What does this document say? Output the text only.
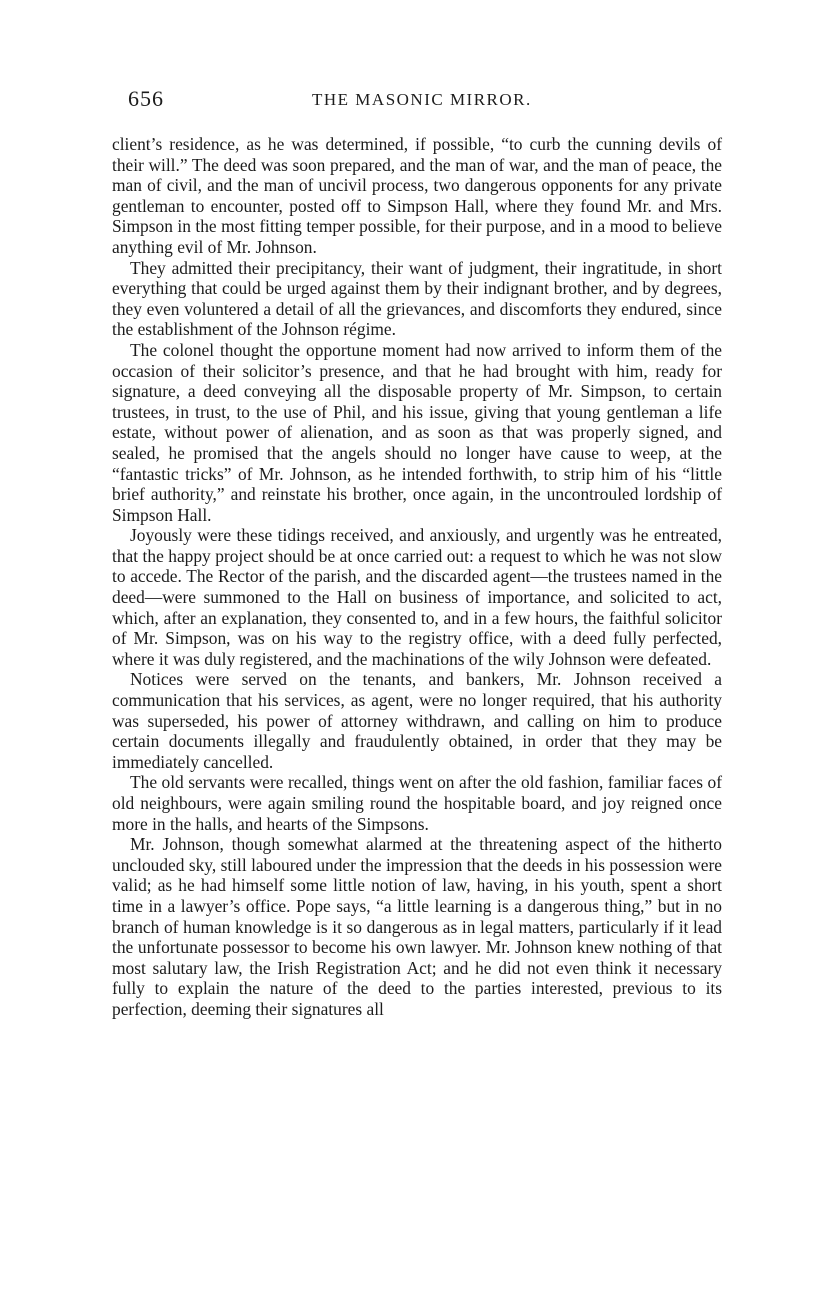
656	THE MASONIC MIRROR.

client’s residence, as he was determined, if possible, “to curb the cunning devils of their will.” The deed was soon prepared, and the man of war, and the man of peace, the man of civil, and the man of uncivil process, two dangerous opponents for any private gentleman to encounter, posted off to Simpson Hall, where they found Mr. and Mrs. Simpson in the most fitting temper possible, for their purpose, and in a mood to believe anything evil of Mr. Johnson.

They admitted their precipitancy, their want of judgment, their ingratitude, in short everything that could be urged against them by their indignant brother, and by degrees, they even voluntered a detail of all the grievances, and discomforts they endured, since the establishment of the Johnson régime.

The colonel thought the opportune moment had now arrived to inform them of the occasion of their solicitor’s presence, and that he had brought with him, ready for signature, a deed conveying all the disposable property of Mr. Simpson, to certain trustees, in trust, to the use of Phil, and his issue, giving that young gentleman a life estate, without power of alienation, and as soon as that was properly signed, and sealed, he promised that the angels should no longer have cause to weep, at the “fantastic tricks” of Mr. Johnson, as he intended forthwith, to strip him of his “little brief authority,” and reinstate his brother, once again, in the uncontrouled lordship of Simpson Hall.

Joyously were these tidings received, and anxiously, and urgently was he entreated, that the happy project should be at once carried out: a request to which he was not slow to accede. The Rector of the parish, and the discarded agent—the trustees named in the deed—were summoned to the Hall on business of importance, and solicited to act, which, after an explanation, they consented to, and in a few hours, the faithful solicitor of Mr. Simpson, was on his way to the registry office, with a deed fully perfected, where it was duly registered, and the machinations of the wily Johnson were defeated.

Notices were served on the tenants, and bankers, Mr. Johnson received a communication that his services, as agent, were no longer required, that his authority was superseded, his power of attorney withdrawn, and calling on him to produce certain documents illegally and fraudulently obtained, in order that they may be immediately cancelled.

The old servants were recalled, things went on after the old fashion, familiar faces of old neighbours, were again smiling round the hospitable board, and joy reigned once more in the halls, and hearts of the Simpsons.

Mr. Johnson, though somewhat alarmed at the threatening aspect of the hitherto unclouded sky, still laboured under the impression that the deeds in his possession were valid; as he had himself some little notion of law, having, in his youth, spent a short time in a lawyer’s office. Pope says, “a little learning is a dangerous thing,” but in no branch of human knowledge is it so dangerous as in legal matters, particularly if it lead the unfortunate possessor to become his own lawyer. Mr. Johnson knew nothing of that most salutary law, the Irish Registration Act; and he did not even think it necessary fully to explain the nature of the deed to the parties interested, previous to its perfection, deeming their signatures all
